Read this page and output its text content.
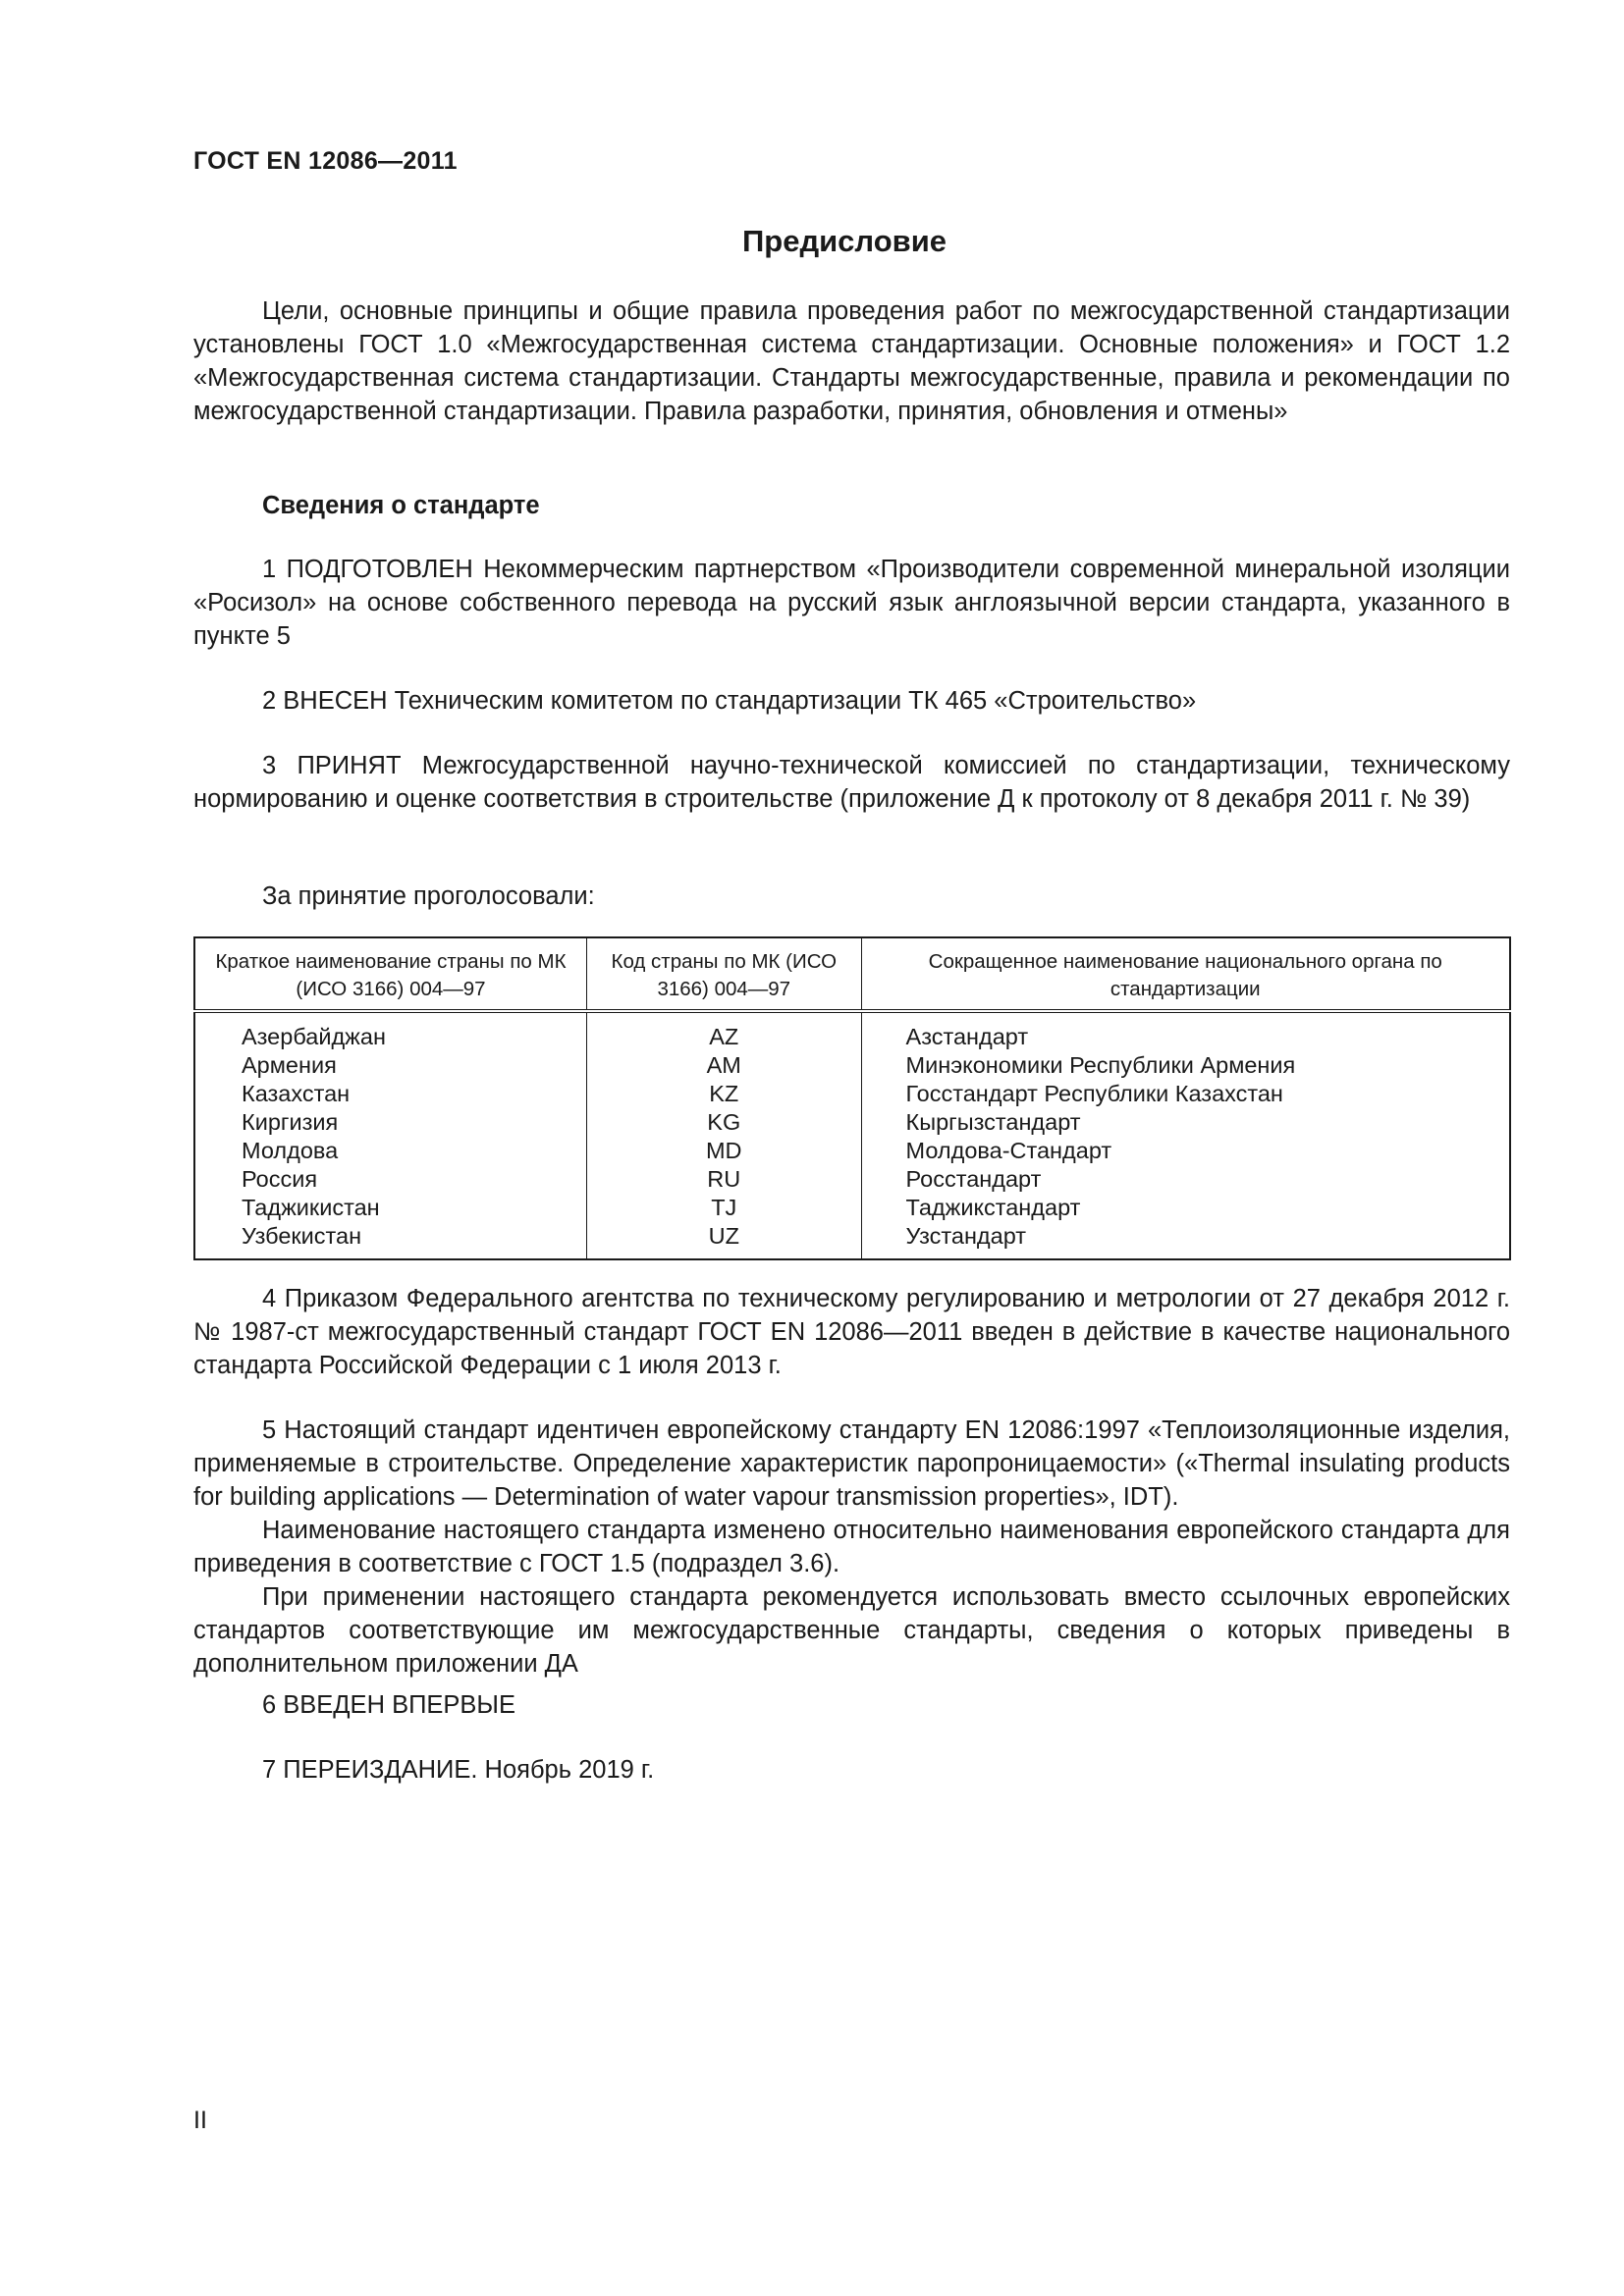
ГОСТ EN 12086—2011
Предисловие

Цели, основные принципы и общие правила проведения работ по межгосударственной стандартизации установлены ГОСТ 1.0 «Межгосударственная система стандартизации. Основные положения» и ГОСТ 1.2 «Межгосударственная система стандартизации. Стандарты межгосударственные, правила и рекомендации по межгосударственной стандартизации. Правила разработки, принятия, обновления и отмены»

Сведения о стандарте

1 ПОДГОТОВЛЕН Некоммерческим партнерством «Производители современной минеральной изоляции «Росизол» на основе собственного перевода на русский язык англоязычной версии стандарта, указанного в пункте 5

2 ВНЕСЕН Техническим комитетом по стандартизации ТК 465 «Строительство»

3 ПРИНЯТ Межгосударственной научно-технической комиссией по стандартизации, техническому нормированию и оценке соответствия в строительстве (приложение Д к протоколу от 8 декабря 2011 г. № 39)

За принятие проголосовали:

Краткое наименование страны по МК (ИСО 3166) 004—97	Код страны по МК (ИСО 3166) 004—97	Сокращенное наименование национального органа по стандартизации
Азербайджан	AZ	Азстандарт
Армения	AM	Минэкономики Республики Армения
Казахстан	KZ	Госстандарт Республики Казахстан
Киргизия	KG	Кыргызстандарт
Молдова	MD	Молдова-Стандарт
Россия	RU	Росстандарт
Таджикистан	TJ	Таджикстандарт
Узбекистан	UZ	Узстандарт

4 Приказом Федерального агентства по техническому регулированию и метрологии от 27 декабря 2012 г. № 1987-ст межгосударственный стандарт ГОСТ EN 12086—2011 введен в действие в качестве национального стандарта Российской Федерации с 1 июля 2013 г.

5 Настоящий стандарт идентичен европейскому стандарту EN 12086:1997 «Теплоизоляционные изделия, применяемые в строительстве. Определение характеристик паропроницаемости» («Thermal insulating products for building applications — Determination of water vapour transmission properties», IDT).

Наименование настоящего стандарта изменено относительно наименования европейского стандарта для приведения в соответствие с ГОСТ 1.5 (подраздел 3.6).

При применении настоящего стандарта рекомендуется использовать вместо ссылочных европейских стандартов соответствующие им межгосударственные стандарты, сведения о которых приведены в дополнительном приложении ДА

6 ВВЕДЕН ВПЕРВЫЕ

7 ПЕРЕИЗДАНИЕ. Ноябрь 2019 г.

II
